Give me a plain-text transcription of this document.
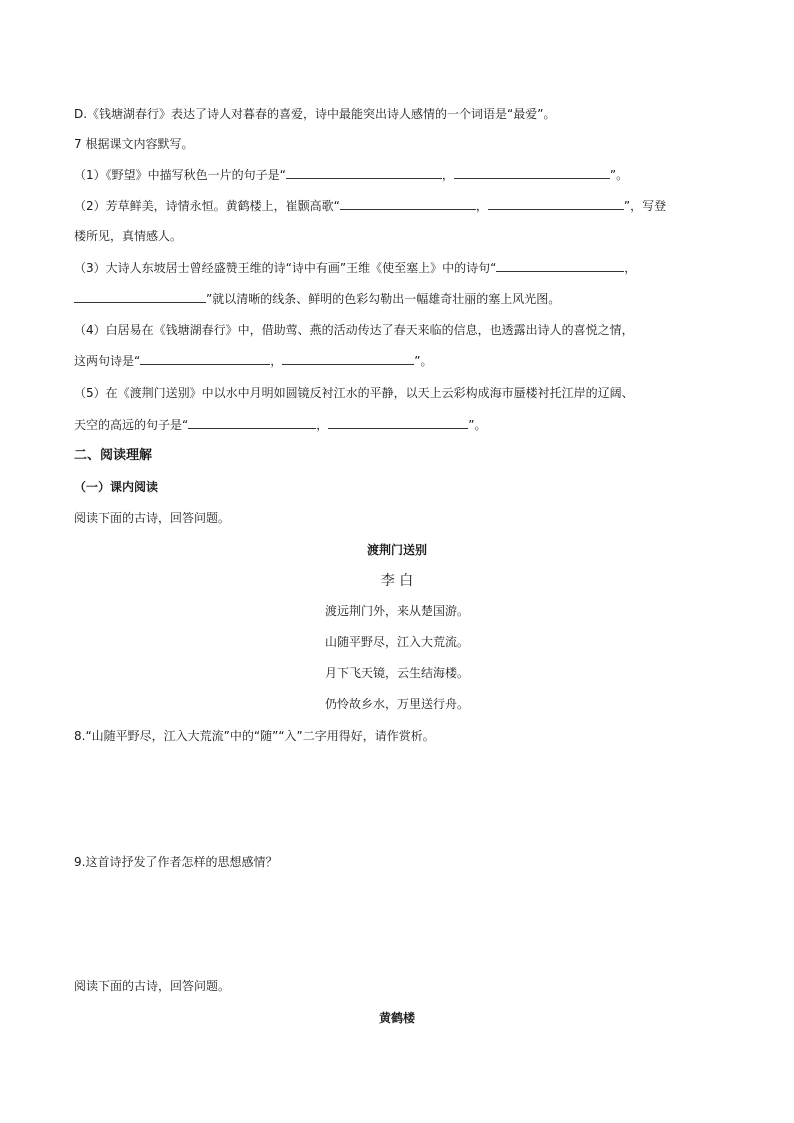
D.《钱塘湖春行》表达了诗人对暮春的喜爱，诗中最能突出诗人感情的一个词语是“最爱”。
7 根据课文内容默写。
（1）《野望》中描写秋色一片的句子是“	，	”。
（2）芳草鲜美，诗情永恒。黄鹤楼上，崔颢高歌“	，	”，写登
楼所见，真情感人。
（3）大诗人东坡居士曾经盛赞王维的诗“诗中有画”王维《使至塞上》中的诗句“	，
”就以清晰的线条、鲜明的色彩勾勒出一幅雄奇壮丽的塞上风光图。
（4）白居易在《钱塘湖春行》中，借助莺、燕的活动传达了春天来临的信息，也透露出诗人的喜悦之情，
这两句诗是“	，	”。
（5）在《渡荆门送别》中以水中月明如圆镜反衬江水的平静，以天上云彩构成海市蜃楼衬托江岸的辽阔、
天空的高远的句子是“	，	”。
二、阅读理解
（一）课内阅读
阅读下面的古诗，回答问题。
渡荆门送别
李 白
渡远荆门外，来从楚国游。
山随平野尽，江入大荒流。
月下飞天镜，云生结海楼。
仍怜故乡水，万里送行舟。
8.“山随平野尽，江入大荒流”中的“随”“入”二字用得好，请作赏析。
9.这首诗抒发了作者怎样的思想感情？
阅读下面的古诗，回答问题。
黄鹤楼
